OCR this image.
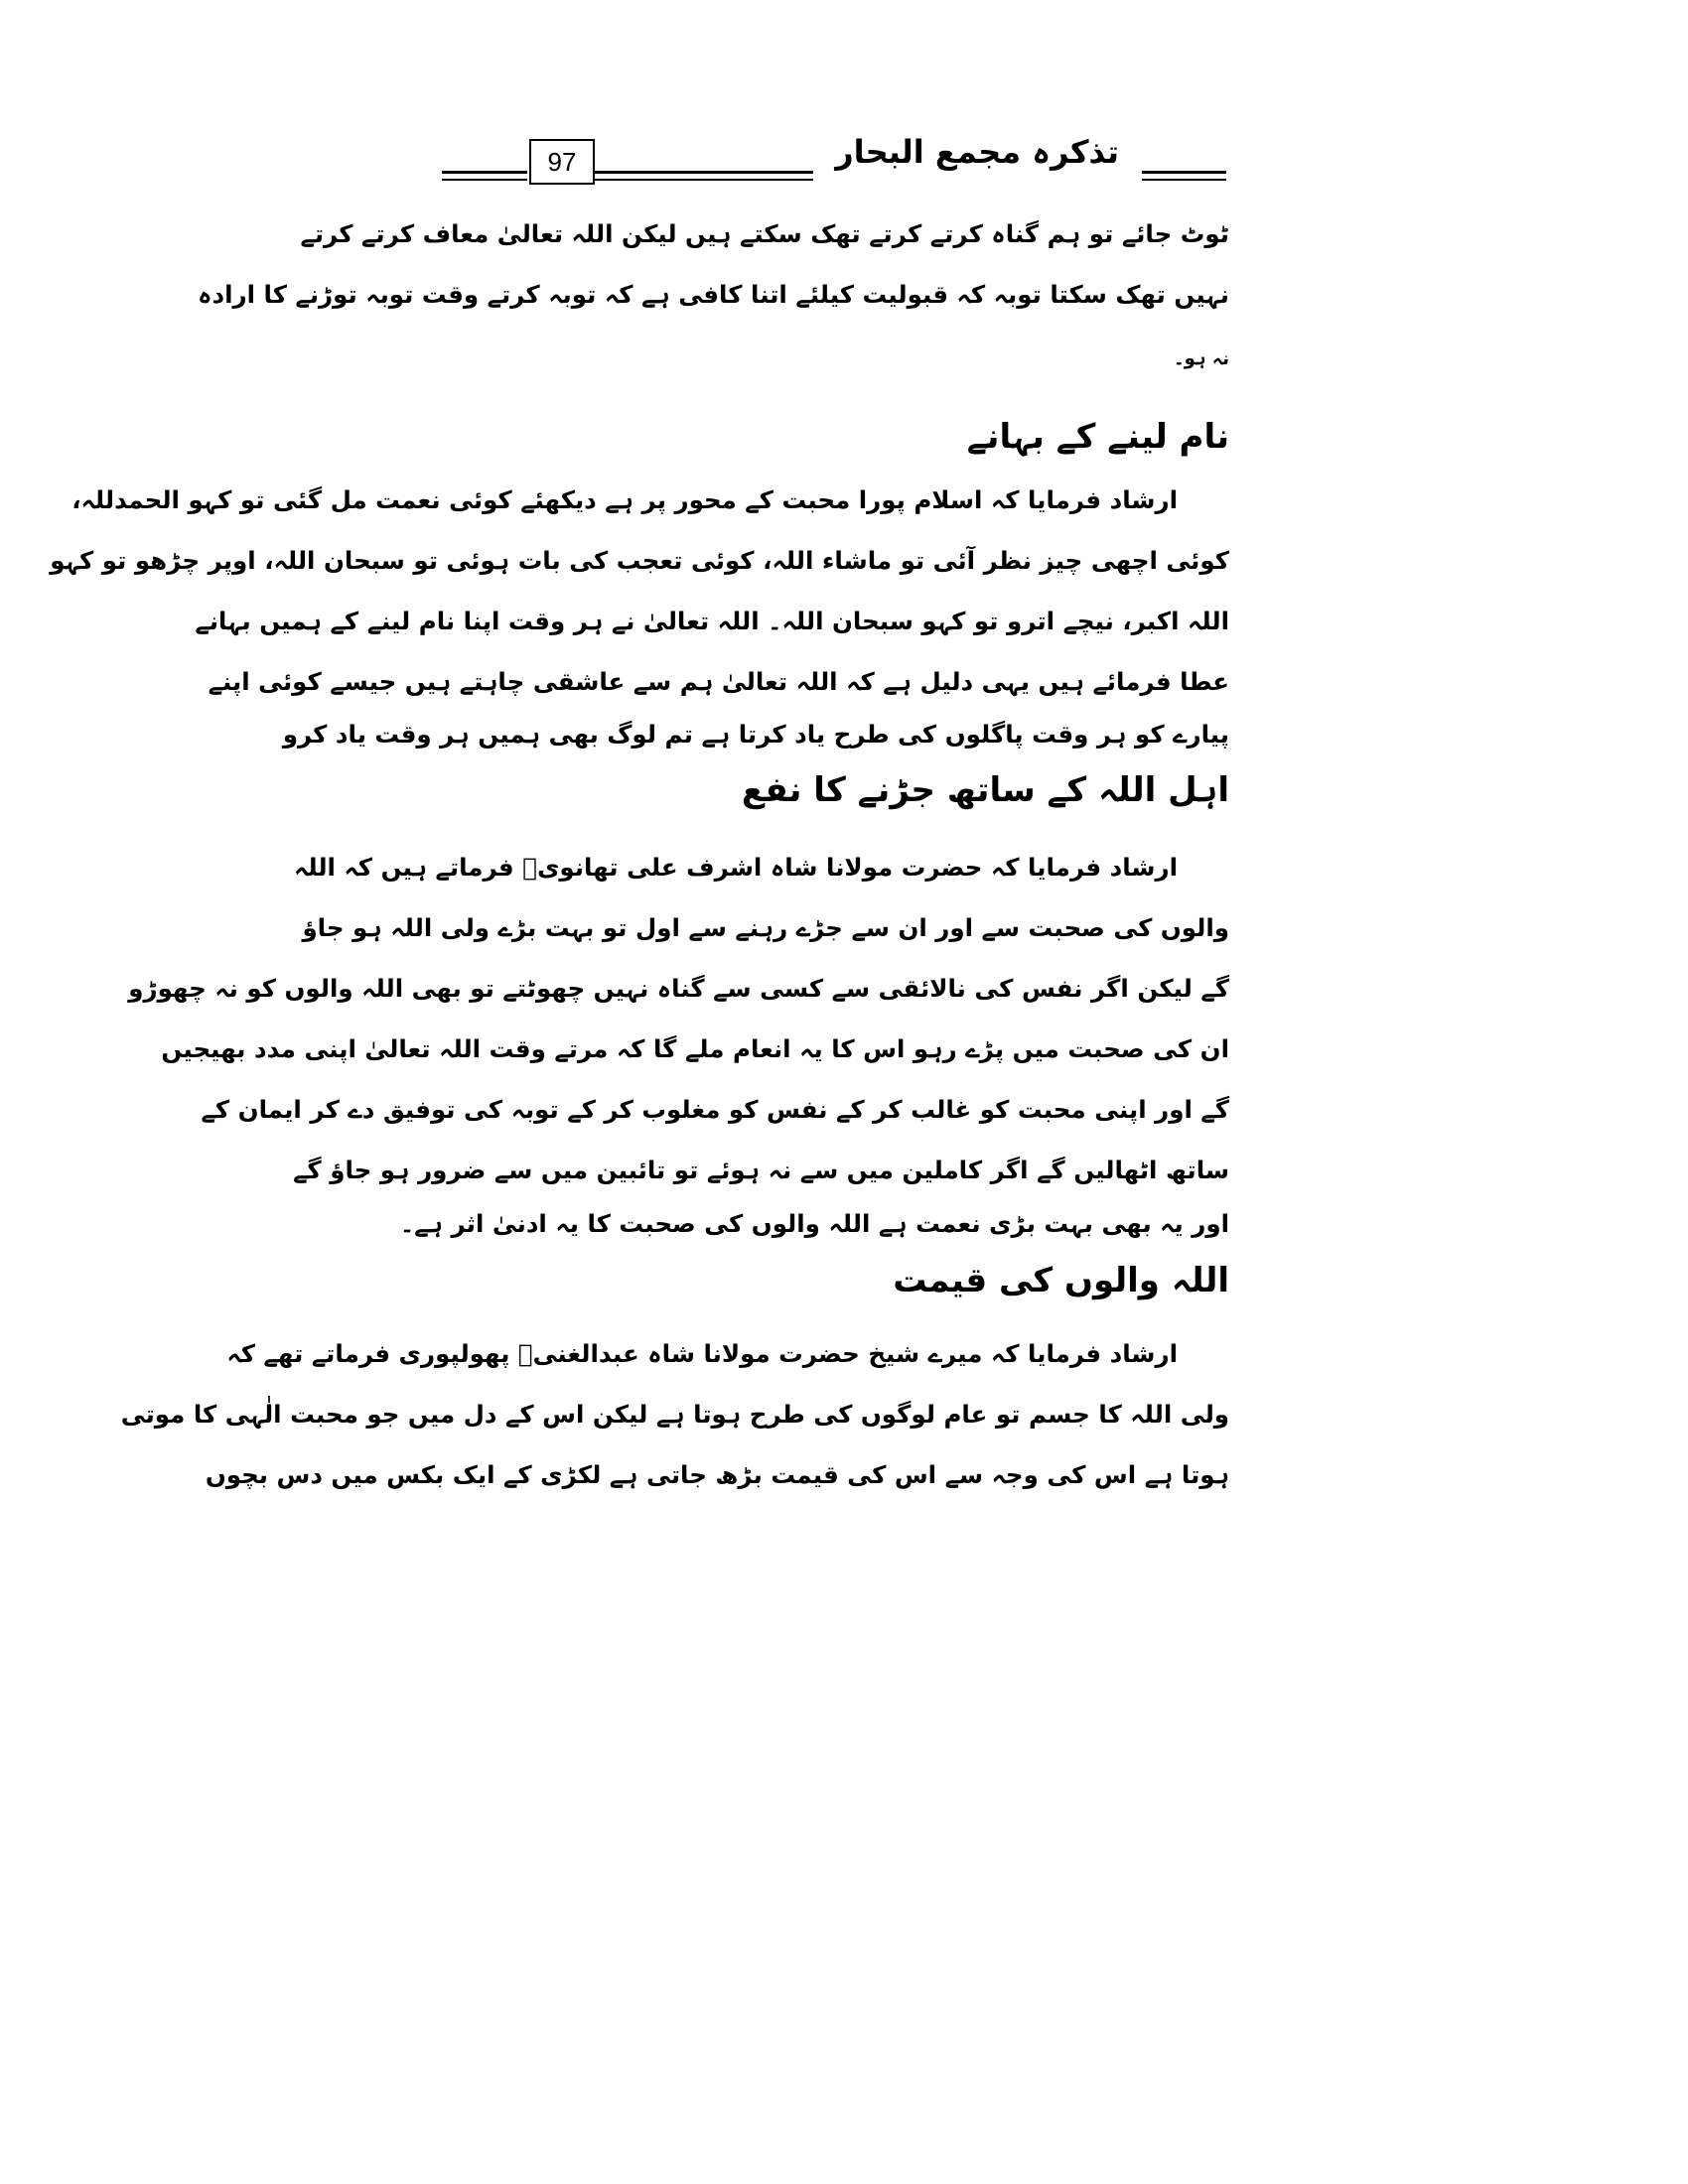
97	تذکرہ مجمع البحار
ٹوٹ جائے تو ہم گناہ کرتے کرتے تھک سکتے ہیں لیکن اللہ تعالیٰ معاف کرتے کرتے
نہیں تھک سکتا توبہ کہ قبولیت کیلئے اتنا کافی ہے کہ توبہ کرتے وقت توبہ توڑنے کا ارادہ
نہ ہو۔
نام لینے کے بہانے
ارشاد فرمایا کہ اسلام پورا محبت کے محور پر ہے دیکھئے کوئی نعمت مل گئی تو کہو الحمدللہ،
کوئی اچھی چیز نظر آئی تو ماشاء اللہ، کوئی تعجب کی بات ہوئی تو سبحان اللہ، اوپر چڑھو تو کہو
اللہ اکبر، نیچے اترو تو کہو سبحان اللہ۔ اللہ تعالیٰ نے ہر وقت اپنا نام لینے کے ہمیں بہانے
عطا فرمائے ہیں یہی دلیل ہے کہ اللہ تعالیٰ ہم سے عاشقی چاہتے ہیں جیسے کوئی اپنے
پیارے کو ہر وقت پاگلوں کی طرح یاد کرتا ہے تم لوگ بھی ہمیں ہر وقت یاد کرو
اہل اللہ کے ساتھ جڑنے کا نفع
ارشاد فرمایا کہ حضرت مولانا شاہ اشرف علی تھانویؒ فرماتے ہیں کہ اللہ
والوں کی صحبت سے اور ان سے جڑے رہنے سے اول تو بہت بڑے ولی اللہ ہو جاؤ
گے لیکن اگر نفس کی نالائقی سے کسی سے گناہ نہیں چھوٹتے تو بھی اللہ والوں کو نہ چھوڑو
ان کی صحبت میں پڑے رہو اس کا یہ انعام ملے گا کہ مرتے وقت اللہ تعالیٰ اپنی مدد بھیجیں
گے اور اپنی محبت کو غالب کر کے نفس کو مغلوب کر کے توبہ کی توفیق دے کر ایمان کے
ساتھ اٹھالیں گے اگر کاملین میں سے نہ ہوئے تو تائبین میں سے ضرور ہو جاؤ گے
اور یہ بھی بہت بڑی نعمت ہے اللہ والوں کی صحبت کا یہ ادنیٰ اثر ہے۔
اللہ والوں کی قیمت
ارشاد فرمایا کہ میرے شیخ حضرت مولانا شاہ عبدالغنیؒ پھولپوری فرماتے تھے کہ
ولی اللہ کا جسم تو عام لوگوں کی طرح ہوتا ہے لیکن اس کے دل میں جو محبت الٰہی کا موتی
ہوتا ہے اس کی وجہ سے اس کی قیمت بڑھ جاتی ہے لکڑی کے ایک بکس میں دس بچوں
